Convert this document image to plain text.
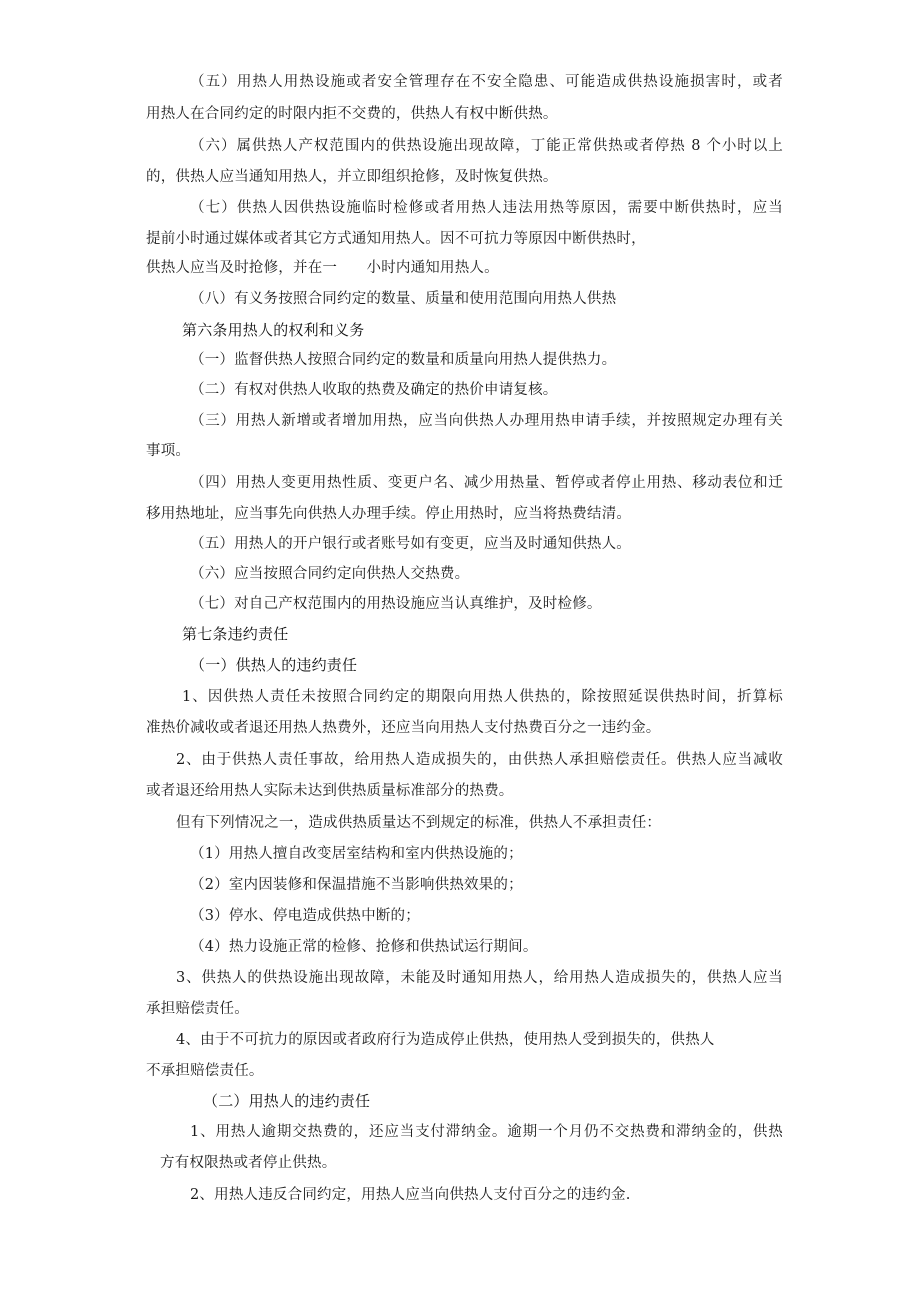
（五）用热人用热设施或者安全管理存在不安全隐患、可能造成供热设施损害时，或者
用热人在合同约定的时限内拒不交费的，供热人有权中断供热。
（六）属供热人产权范围内的供热设施出现故障，丁能正常供热或者停热 8 个小时以上
的，供热人应当通知用热人，并立即组织抢修，及时恢复供热。
（七）供热人因供热设施临时检修或者用热人违法用热等原因，需要中断供热时，应当
提前小时通过媒体或者其它方式通知用热人。因不可抗力等原因中断供热时，
供热人应当及时抢修，并在一　　小时内通知用热人。
（八）有义务按照合同约定的数量、质量和使用范围向用热人供热
第六条用热人的权利和义务
（一）监督供热人按照合同约定的数量和质量向用热人提供热力。
（二）有权对供热人收取的热费及确定的热价申请复核。
（三）用热人新增或者增加用热，应当向供热人办理用热申请手续，并按照规定办理有关
事项。
（四）用热人变更用热性质、变更户名、减少用热量、暂停或者停止用热、移动表位和迁
移用热地址，应当事先向供热人办理手续。停止用热时，应当将热费结清。
（五）用热人的开户银行或者账号如有变更，应当及时通知供热人。
（六）应当按照合同约定向供热人交热费。
（七）对自己产权范围内的用热设施应当认真维护，及时检修。
第七条违约责任
（一）供热人的违约责任
1、因供热人责任未按照合同约定的期限向用热人供热的，除按照延误供热时间，折算标
准热价减收或者退还用热人热费外，还应当向用热人支付热费百分之一违约金。
2、由于供热人责任事故，给用热人造成损失的，由供热人承担赔偿责任。供热人应当减收
或者退还给用热人实际未达到供热质量标准部分的热费。
但有下列情况之一，造成供热质量达不到规定的标准，供热人不承担责任：
（1）用热人擅自改变居室结构和室内供热设施的；
（2）室内因装修和保温措施不当影响供热效果的；
（3）停水、停电造成供热中断的；
（4）热力设施正常的检修、抢修和供热试运行期间。
3、供热人的供热设施出现故障，未能及时通知用热人，给用热人造成损失的，供热人应当
承担赔偿责任。
4、由于不可抗力的原因或者政府行为造成停止供热，使用热人受到损失的，供热人
不承担赔偿责任。
（二）用热人的违约责任
1、用热人逾期交热费的，还应当支付滞纳金。逾期一个月仍不交热费和滞纳金的，供热
方有权限热或者停止供热。
2、用热人违反合同约定，用热人应当向供热人支付百分之的违约金.
